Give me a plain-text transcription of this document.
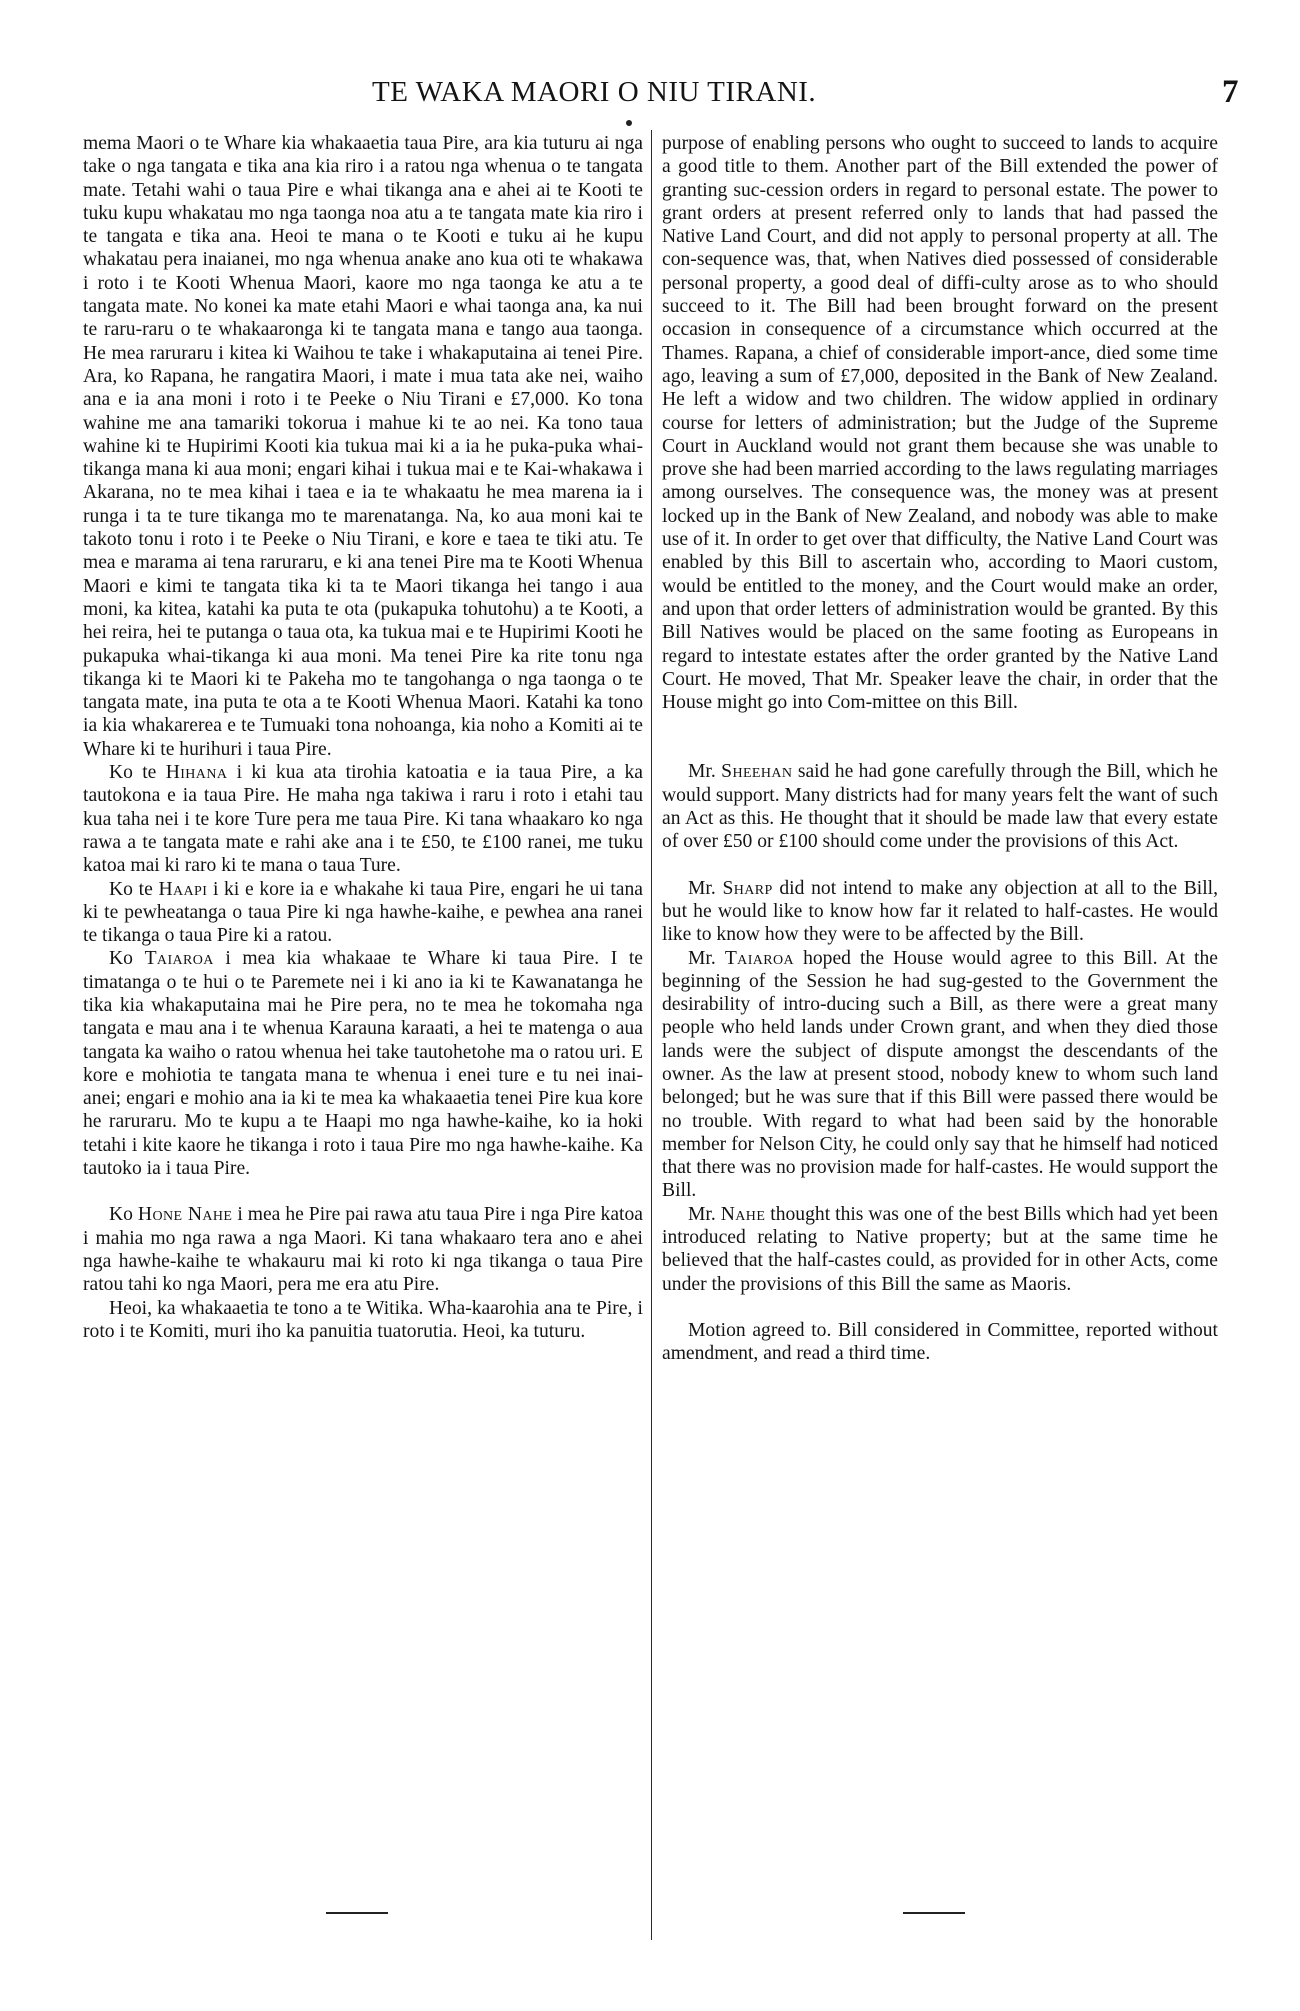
TE WAKA MAORI O NIU TIRANI.	7

mema Maori o te Whare kia whakaaetia taua Pire, ara kia tuturu ai nga take o nga tangata e tika ana kia riro i a ratou nga whenua o te tangata mate. Tetahi wahi o taua Pire e whai tikanga ana e ahei ai te Kooti te tuku kupu whakatau mo nga taonga noa atu a te tangata mate kia riro i te tangata e tika ana. Heoi te mana o te Kooti e tuku ai he kupu whakatau pera inaianei, mo nga whenua anake ano kua oti te whakawa i roto i te Kooti Whenua Maori, kaore mo nga taonga ke atu a te tangata mate. No konei ka mate etahi Maori e whai taonga ana, ka nui te raru-raru o te whakaaronga ki te tangata mana e tango aua taonga. He mea raruraru i kitea ki Waihou te take i whakaputaina ai tenei Pire. Ara, ko Rapana, he rangatira Maori, i mate i mua tata ake nei, waiho ana e ia ana moni i roto i te Peeke o Niu Tirani e £7,000. Ko tona wahine me ana tamariki tokorua i mahue ki te ao nei. Ka tono taua wahine ki te Hupirimi Kooti kia tukua mai ki a ia he puka-puka whai-tikanga mana ki aua moni; engari kihai i tukua mai e te Kai-whakawa i Akarana, no te mea kihai i taea e ia te whakaatu he mea marena ia i runga i ta te ture tikanga mo te marenatanga. Na, ko aua moni kai te takoto tonu i roto i te Peeke o Niu Tirani, e kore e taea te tiki atu. Te mea e marama ai tena raruraru, e ki ana tenei Pire ma te Kooti Whenua Maori e kimi te tangata tika ki ta te Maori tikanga hei tango i aua moni, ka kitea, katahi ka puta te ota (pukapuka tohutohu) a te Kooti, a hei reira, hei te putanga o taua ota, ka tukua mai e te Hupirimi Kooti he pukapuka whai-tikanga ki aua moni. Ma tenei Pire ka rite tonu nga tikanga ki te Maori ki te Pakeha mo te tangohanga o nga taonga o te tangata mate, ina puta te ota a te Kooti Whenua Maori. Katahi ka tono ia kia whakarerea e te Tumuaki tona nohoanga, kia noho a Komiti ai te Whare ki te hurihuri i taua Pire.

Ko te Hihana i ki kua ata tirohia katoatia e ia taua Pire, a ka tautokona e ia taua Pire. He maha nga takiwa i raru i roto i etahi tau kua taha nei i te kore Ture pera me taua Pire. Ki tana whaakaro ko nga rawa a te tangata mate e rahi ake ana i te £50, te £100 ranei, me tuku katoa mai ki raro ki te mana o taua Ture.

Ko te Haapi i ki e kore ia e whakahe ki taua Pire, engari he ui tana ki te pewheatanga o taua Pire ki nga hawhe-kaihe, e pewhea ana ranei te tikanga o taua Pire ki a ratou.

Ko Taiaroa i mea kia whakaae te Whare ki taua Pire. I te timatanga o te hui o te Paremete nei i ki ano ia ki te Kawanatanga he tika kia whakaputaina mai he Pire pera, no te mea he tokomaha nga tangata e mau ana i te whenua Karauna karaati, a hei te matenga o aua tangata ka waiho o ratou whenua hei take tautohetohe ma o ratou uri. E kore e mohiotia te tangata mana te whenua i enei ture e tu nei inai-anei; engari e mohio ana ia ki te mea ka whakaaetia tenei Pire kua kore he raruraru. Mo te kupu a te Haapi mo nga hawhe-kaihe, ko ia hoki tetahi i kite kaore he tikanga i roto i taua Pire mo nga hawhe-kaihe. Ka tautoko ia i taua Pire.

Ko Hone Nahe i mea he Pire pai rawa atu taua Pire i nga Pire katoa i mahia mo nga rawa a nga Maori. Ki tana whakaaro tera ano e ahei nga hawhe-kaihe te whakauru mai ki roto ki nga tikanga o taua Pire ratou tahi ko nga Maori, pera me era atu Pire.

Heoi, ka whakaaetia te tono a te Witika. Wha-kaarohia ana te Pire, i roto i te Komiti, muri iho ka panuitia tuatorutia. Heoi, ka tuturu.

purpose of enabling persons who ought to succeed to lands to acquire a good title to them. Another part of the Bill extended the power of granting suc-cession orders in regard to personal estate. The power to grant orders at present referred only to lands that had passed the Native Land Court, and did not apply to personal property at all. The con-sequence was, that, when Natives died possessed of considerable personal property, a good deal of diffi-culty arose as to who should succeed to it. The Bill had been brought forward on the present occasion in consequence of a circumstance which occurred at the Thames. Rapana, a chief of considerable import-ance, died some time ago, leaving a sum of £7,000, deposited in the Bank of New Zealand. He left a widow and two children. The widow applied in ordinary course for letters of administration; but the Judge of the Supreme Court in Auckland would not grant them because she was unable to prove she had been married according to the laws regulating marriages among ourselves. The consequence was, the money was at present locked up in the Bank of New Zealand, and nobody was able to make use of it. In order to get over that difficulty, the Native Land Court was enabled by this Bill to ascertain who, according to Maori custom, would be entitled to the money, and the Court would make an order, and upon that order letters of administration would be granted. By this Bill Natives would be placed on the same footing as Europeans in regard to intestate estates after the order granted by the Native Land Court. He moved, That Mr. Speaker leave the chair, in order that the House might go into Com-mittee on this Bill.

Mr. Sheehan said he had gone carefully through the Bill, which he would support. Many districts had for many years felt the want of such an Act as this. He thought that it should be made law that every estate of over £50 or £100 should come under the provisions of this Act.

Mr. Sharp did not intend to make any objection at all to the Bill, but he would like to know how far it related to half-castes. He would like to know how they were to be affected by the Bill.

Mr. Taiaroa hoped the House would agree to this Bill. At the beginning of the Session he had sug-gested to the Government the desirability of intro-ducing such a Bill, as there were a great many people who held lands under Crown grant, and when they died those lands were the subject of dispute amongst the descendants of the owner. As the law at present stood, nobody knew to whom such land belonged; but he was sure that if this Bill were passed there would be no trouble. With regard to what had been said by the honorable member for Nelson City, he could only say that he himself had noticed that there was no provision made for half-castes. He would support the Bill.

Mr. Nahe thought this was one of the best Bills which had yet been introduced relating to Native property; but at the same time he believed that the half-castes could, as provided for in other Acts, come under the provisions of this Bill the same as Maoris.

Motion agreed to. Bill considered in Committee, reported without amendment, and read a third time.
